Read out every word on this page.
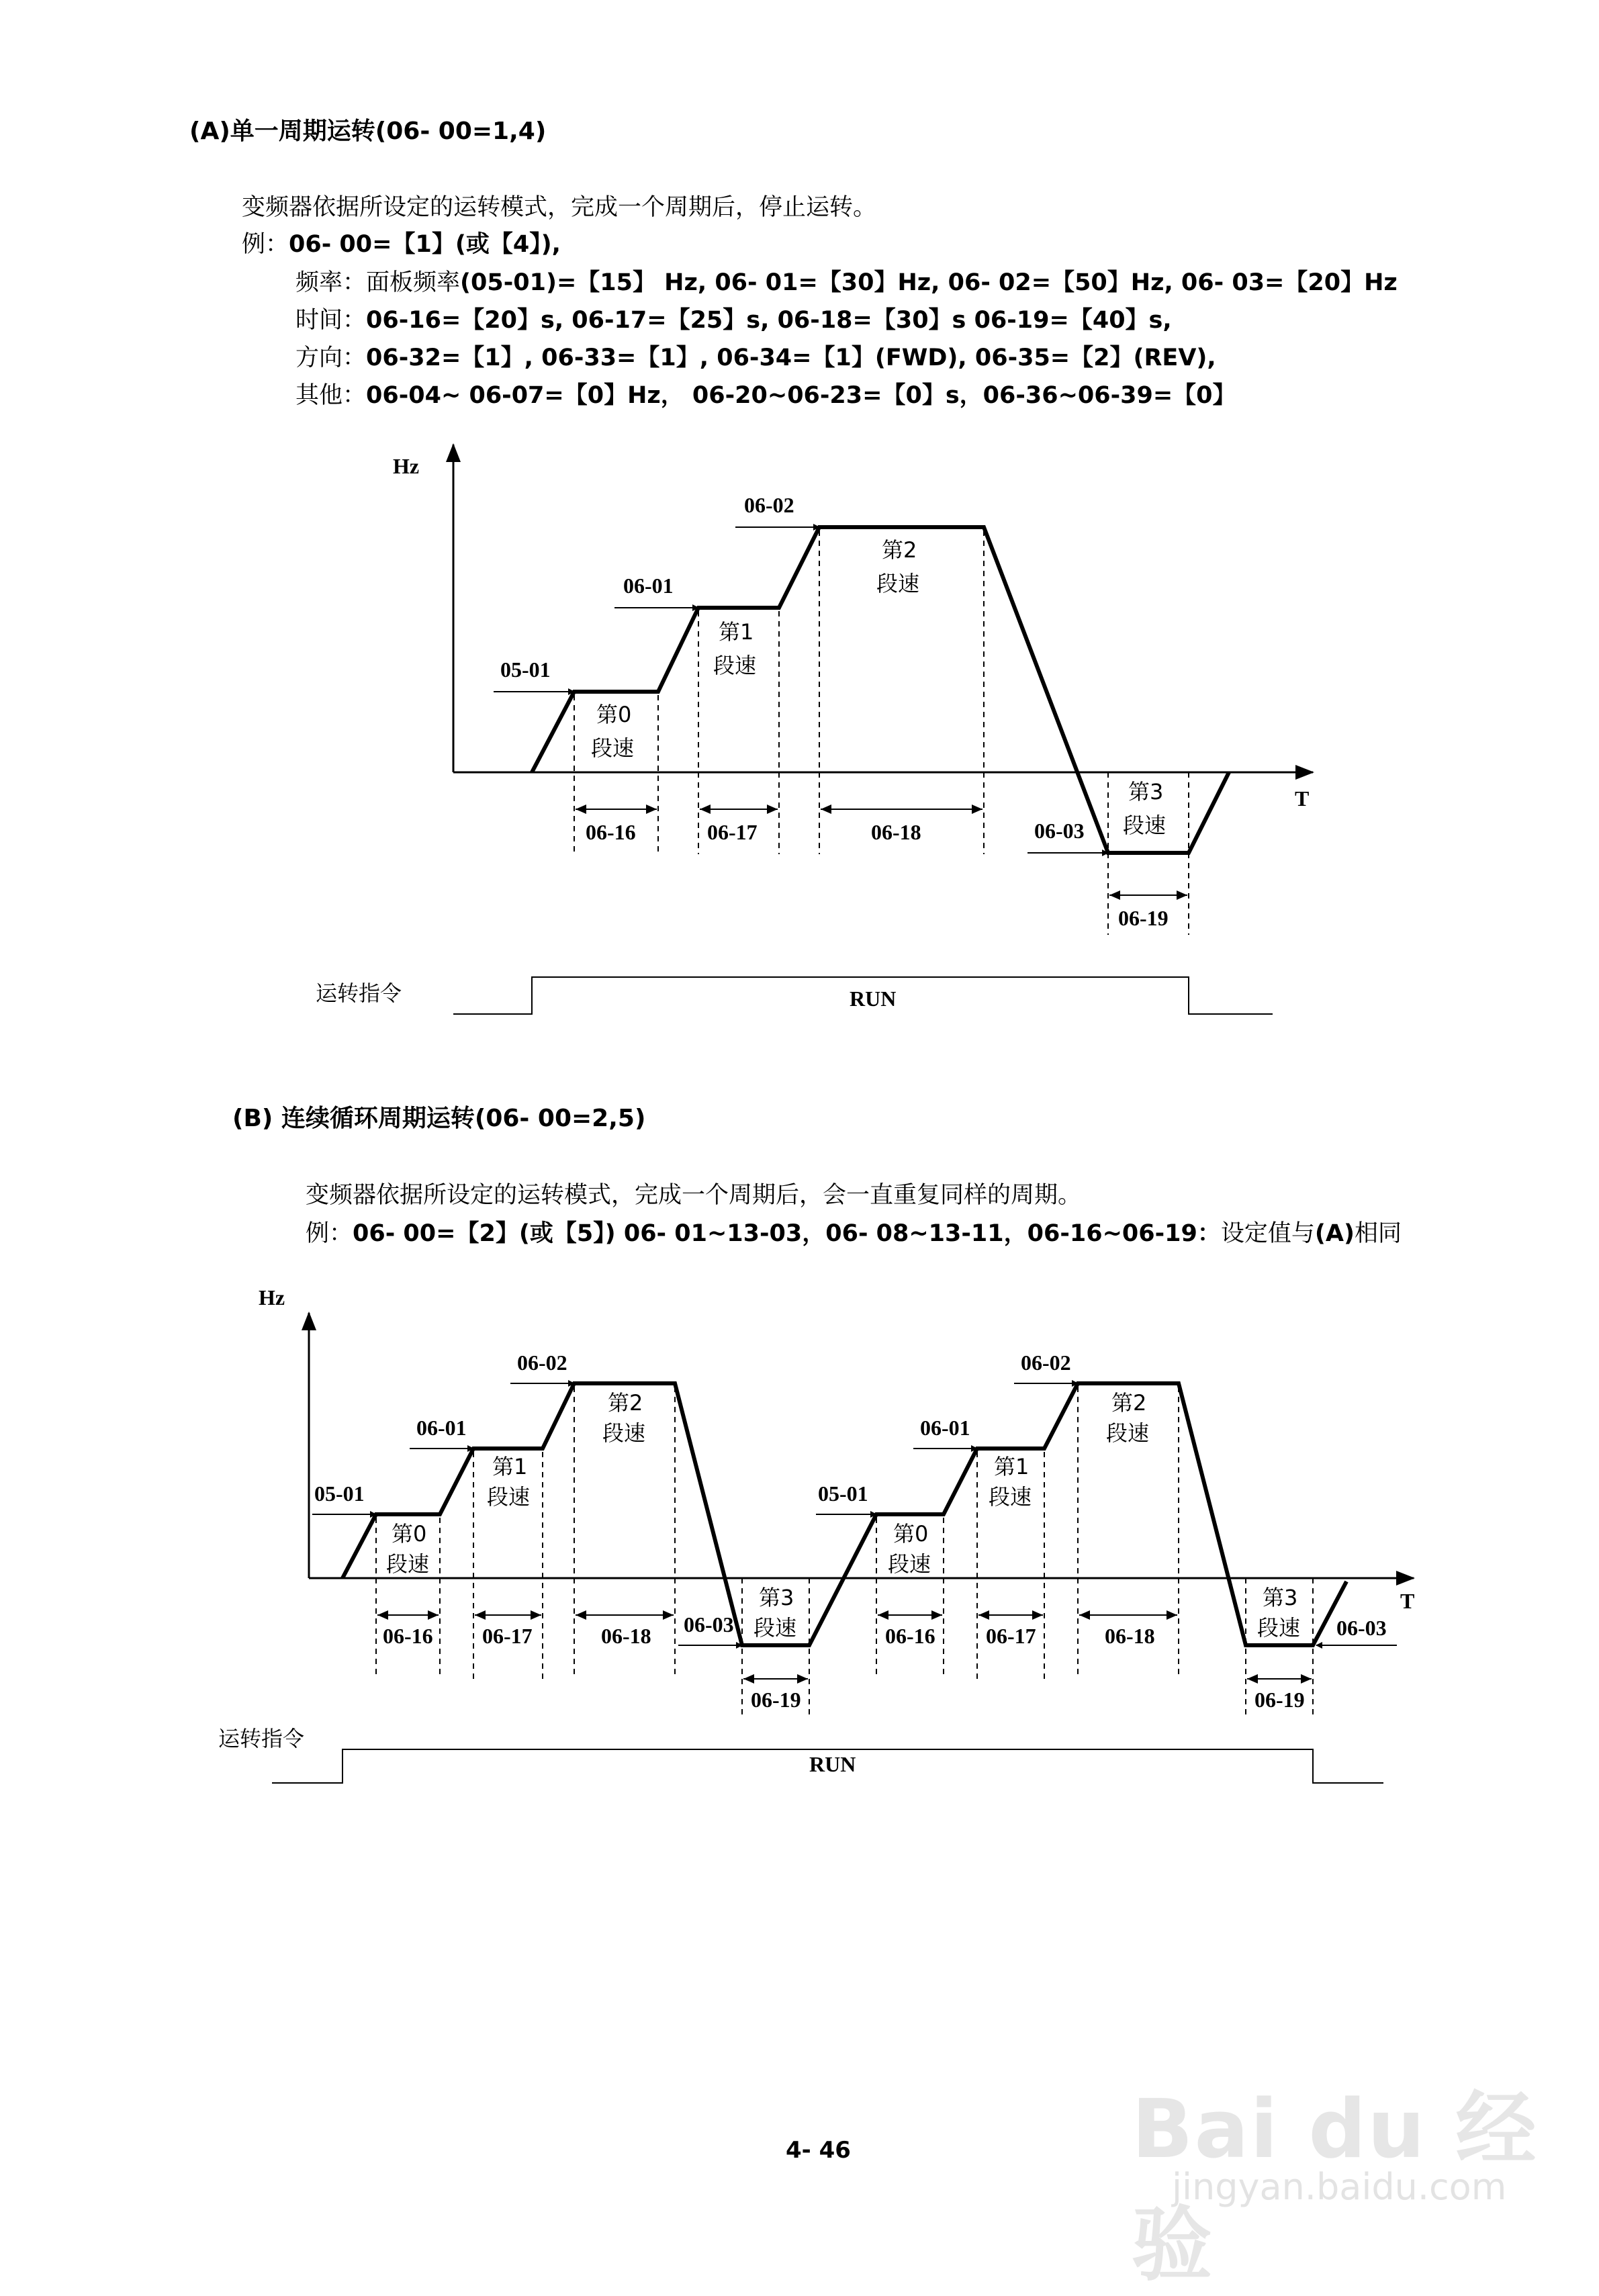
(A)单一周期运转(06- 00=1,4)
变频器依据所设定的运转模式，完成一个周期后，停止运转。
例：06- 00=【1】(或【4】),
频率：面板频率(05-01)=【15】 Hz, 06- 01=【30】Hz, 06- 02=【50】Hz, 06- 03=【20】Hz
时间：06-16=【20】s, 06-17=【25】s, 06-18=【30】s 06-19=【40】s,
方向：06-32=【1】, 06-33=【1】, 06-34=【1】(FWD), 06-35=【2】(REV),
其他：06-04~ 06-07=【0】Hz， 06-20~06-23=【0】s，06-36~06-39=【0】
Hz
T
05-01
06-01
06-02
06-03
第0
段速
第1
段速
第2
段速
第3
段速
06-16	06-17	06-18
06-19
运转指令	RUN
(B) 连续循环周期运转(06- 00=2,5)
变频器依据所设定的运转模式，完成一个周期后，会一直重复同样的周期。
例：06- 00=【2】(或【5】) 06- 01~13-03，06- 08~13-11，06-16~06-19：设定值与(A)相同
Hz
T
05-01
06-01
06-02
06-03
05-01
06-01
06-02
06-03
第0
段速
第1
段速
第2
段速
第3
段速
第0
段速
第1
段速
第2
段速
第3
段速
06-16 06-17	06-18
06-19
06-16 06-17	06-18
06-19
运转指令
RUN
Bai du 经验
jingyan.baidu.com
4- 46
